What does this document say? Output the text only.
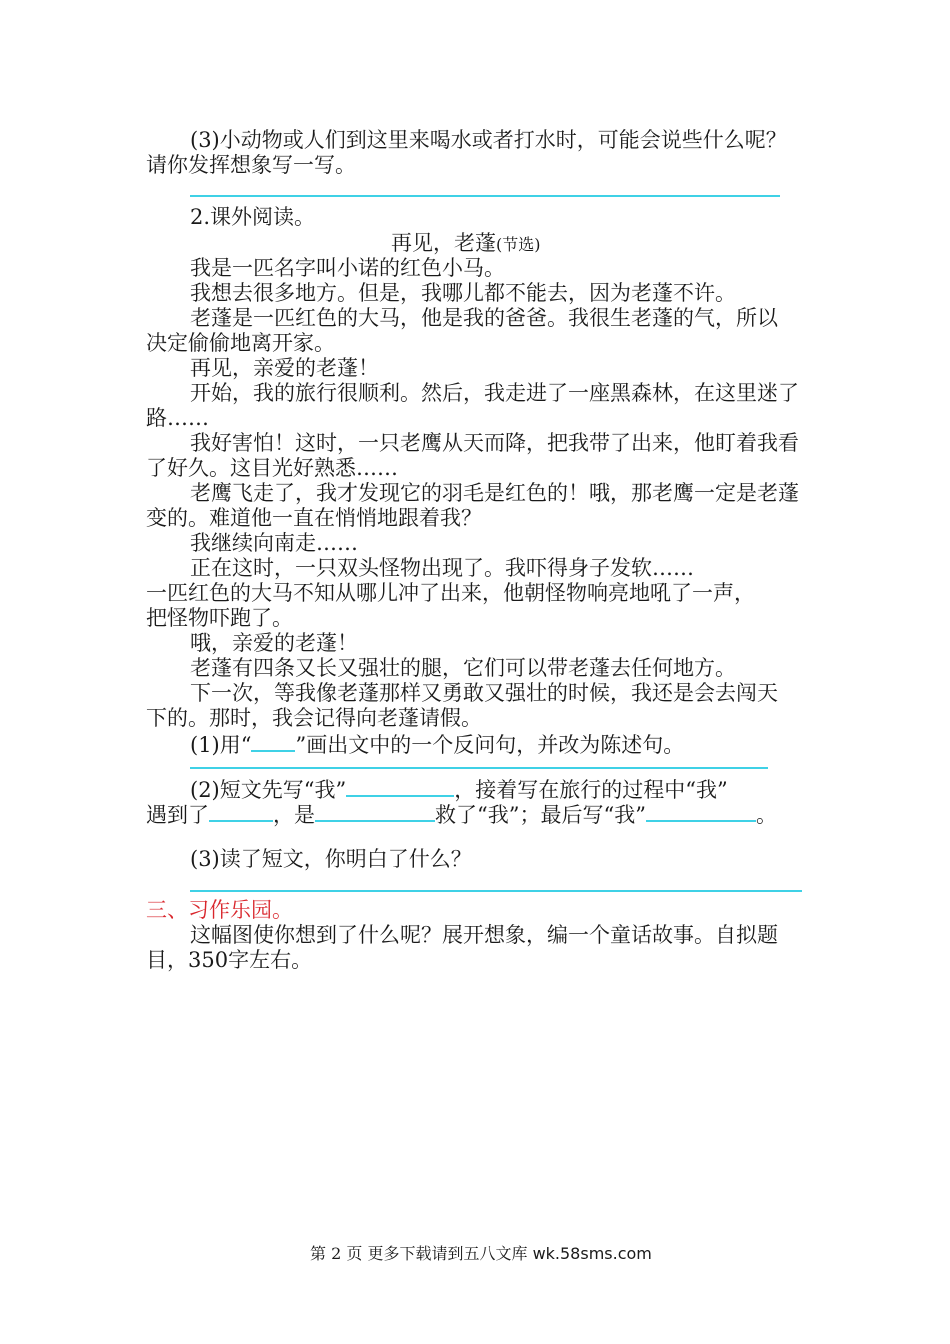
(3)小动物或人们到这里来喝水或者打水时，可能会说些什么呢？
请你发挥想象写一写。
2.课外阅读。
再见，老蓬(节选)
我是一匹名字叫小诺的红色小马。
我想去很多地方。但是，我哪儿都不能去，因为老蓬不许。
老蓬是一匹红色的大马，他是我的爸爸。我很生老蓬的气，所以
决定偷偷地离开家。
再见，亲爱的老蓬！
开始，我的旅行很顺利。然后，我走进了一座黑森林，在这里迷了
路……
我好害怕！这时，一只老鹰从天而降，把我带了出来，他盯着我看
了好久。这目光好熟悉……
老鹰飞走了，我才发现它的羽毛是红色的！哦，那老鹰一定是老蓬
变的。难道他一直在悄悄地跟着我？
我继续向南走……
正在这时，一只双头怪物出现了。我吓得身子发软……
一匹红色的大马不知从哪儿冲了出来，他朝怪物响亮地吼了一声，
把怪物吓跑了。
哦，亲爱的老蓬！
老蓬有四条又长又强壮的腿，它们可以带老蓬去任何地方。
下一次，等我像老蓬那样又勇敢又强壮的时候，我还是会去闯天
下的。那时，我会记得向老蓬请假。
(1)用“ ”画出文中的一个反问句，并改为陈述句。
(2)短文先写“我”	，接着写在旅行的过程中“我”
遇到了	，是	救了“我”；最后写“我”	。
(3)读了短文，你明白了什么？
三、习作乐园。
这幅图使你想到了什么呢？展开想象，编一个童话故事。自拟题
目，350字左右。
第 2 页 更多下载请到五八文库 wk.58sms.com
